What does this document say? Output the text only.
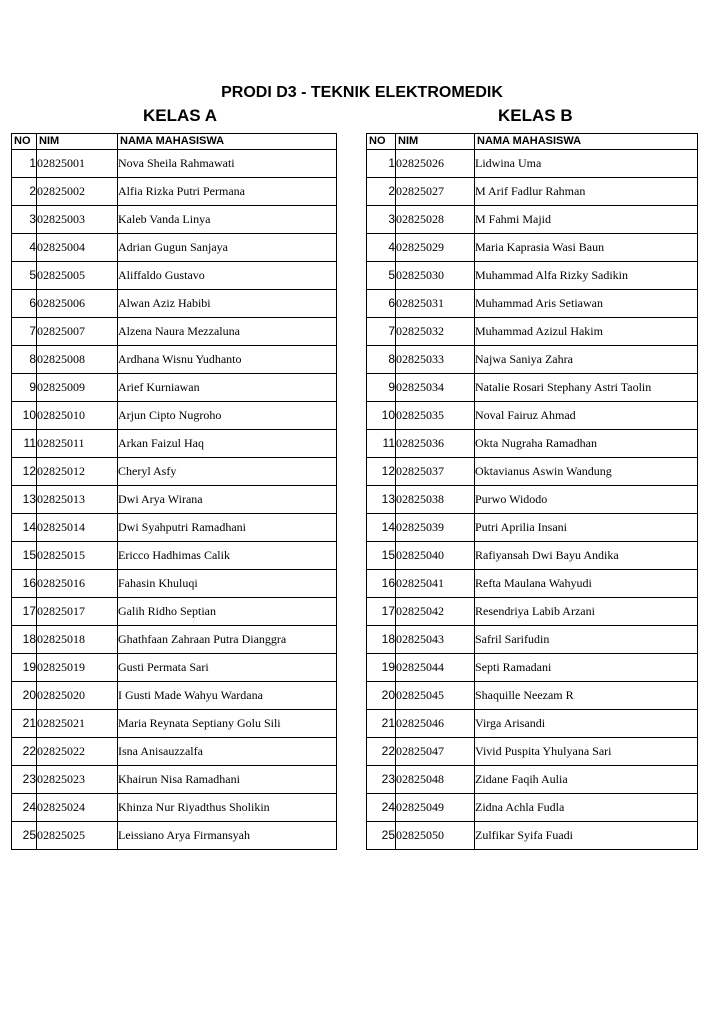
PRODI D3 - TEKNIK ELEKTROMEDIK
KELAS A	KELAS B
NO	NIM	NAMA MAHASISWA
1	02825001	Nova Sheila Rahmawati
2	02825002	Alfia Rizka Putri Permana
3	02825003	Kaleb Vanda Linya
4	02825004	Adrian Gugun Sanjaya
5	02825005	Aliffaldo Gustavo
6	02825006	Alwan Aziz Habibi
7	02825007	Alzena Naura Mezzaluna
8	02825008	Ardhana Wisnu Yudhanto
9	02825009	Arief Kurniawan
10	02825010	Arjun Cipto Nugroho
11	02825011	Arkan Faizul Haq
12	02825012	Cheryl Asfy
13	02825013	Dwi Arya Wirana
14	02825014	Dwi Syahputri Ramadhani
15	02825015	Ericco Hadhimas Calik
16	02825016	Fahasin Khuluqi
17	02825017	Galih Ridho Septian
18	02825018	Ghathfaan Zahraan Putra Dianggra
19	02825019	Gusti Permata Sari
20	02825020	I Gusti Made Wahyu Wardana
21	02825021	Maria Reynata Septiany Golu Sili
22	02825022	Isna Anisauzzalfa
23	02825023	Khairun Nisa Ramadhani
24	02825024	Khinza Nur Riyadthus Sholikin
25	02825025	Leissiano Arya Firmansyah
NO	NIM	NAMA MAHASISWA
1	02825026	Lidwina Uma
2	02825027	M Arif Fadlur Rahman
3	02825028	M Fahmi Majid
4	02825029	Maria Kaprasia Wasi Baun
5	02825030	Muhammad Alfa Rizky Sadikin
6	02825031	Muhammad Aris Setiawan
7	02825032	Muhammad Azizul Hakim
8	02825033	Najwa Saniya Zahra
9	02825034	Natalie Rosari Stephany Astri Taolin
10	02825035	Noval Fairuz Ahmad
11	02825036	Okta Nugraha Ramadhan
12	02825037	Oktavianus Aswin Wandung
13	02825038	Purwo Widodo
14	02825039	Putri Aprilia Insani
15	02825040	Rafiyansah Dwi Bayu Andika
16	02825041	Refta Maulana Wahyudi
17	02825042	Resendriya Labib Arzani
18	02825043	Safril Sarifudin
19	02825044	Septi Ramadani
20	02825045	Shaquille Neezam R
21	02825046	Virga Arisandi
22	02825047	Vivid Puspita Yhulyana Sari
23	02825048	Zidane Faqih Aulia
24	02825049	Zidna Achla Fudla
25	02825050	Zulfikar Syifa Fuadi
